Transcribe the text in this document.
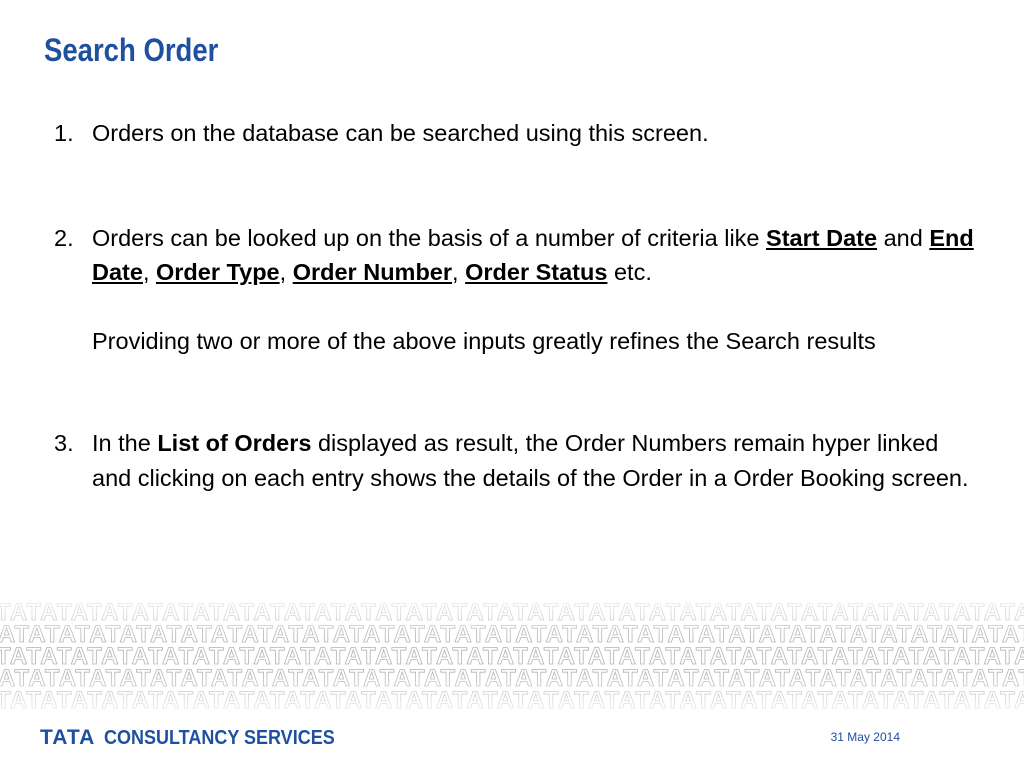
Search Order
1. Orders on the database can be searched using this screen.

2. Orders can be looked up on the basis of a number of criteria like Start Date and End Date, Order Type, Order Number, Order Status etc.

Providing two or more of the above inputs greatly refines the Search results

3. In the List of Orders displayed as result, the Order Numbers remain hyper linked and clicking on each entry shows the details of the Order in a Order Booking screen.

TATA CONSULTANCY SERVICES	31 May 2014
